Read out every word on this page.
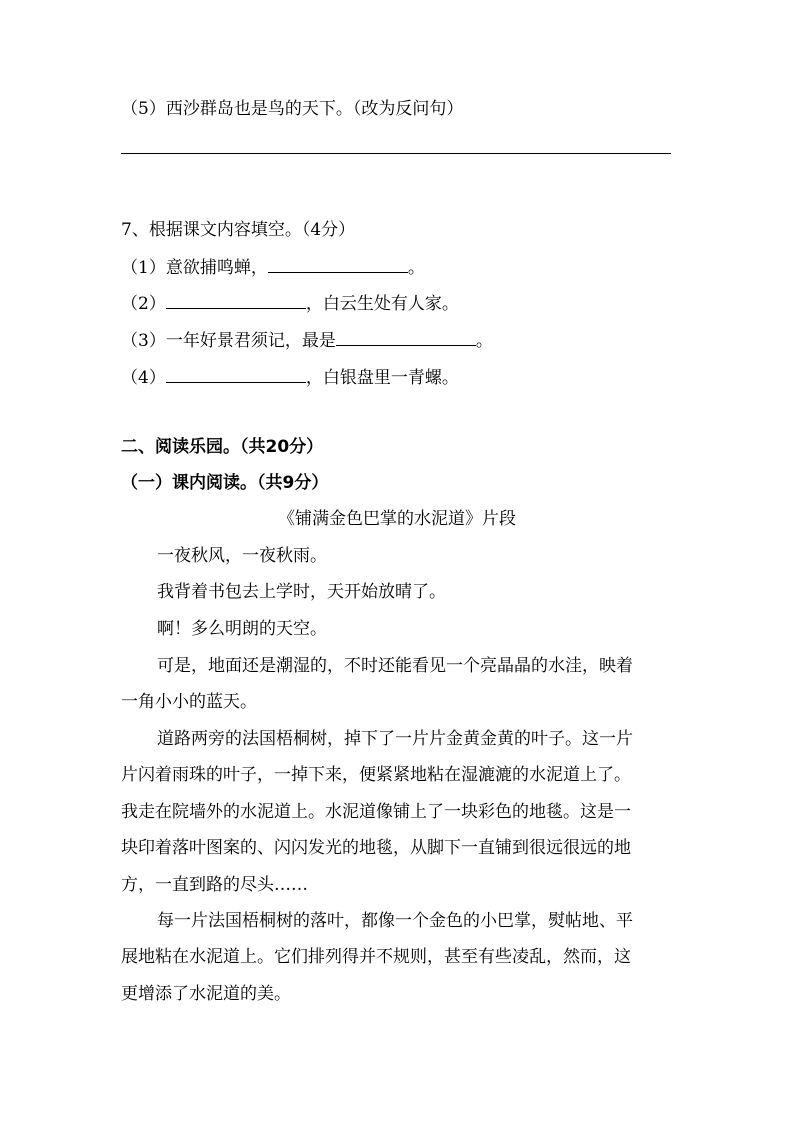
（5）西沙群岛也是鸟的天下。（改为反问句）
7、根据课文内容填空。（4分）
（1）意欲捕鸣蝉，	。
（2）	，白云生处有人家。
（3）一年好景君须记，最是	。
（4）	，白银盘里一青螺。
二、阅读乐园。（共20分）
（一）课内阅读。（共9分）
《铺满金色巴掌的水泥道》片段
一夜秋风，一夜秋雨。
我背着书包去上学时，天开始放晴了。
啊！多么明朗的天空。
可是，地面还是潮湿的，不时还能看见一个亮晶晶的水洼，映着
一角小小的蓝天。
道路两旁的法国梧桐树，掉下了一片片金黄金黄的叶子。这一片
片闪着雨珠的叶子，一掉下来，便紧紧地粘在湿漉漉的水泥道上了。
我走在院墙外的水泥道上。水泥道像铺上了一块彩色的地毯。这是一
块印着落叶图案的、闪闪发光的地毯，从脚下一直铺到很远很远的地
方，一直到路的尽头……
每一片法国梧桐树的落叶，都像一个金色的小巴掌，熨帖地、平
展地粘在水泥道上。它们排列得并不规则，甚至有些凌乱，然而，这
更增添了水泥道的美。
